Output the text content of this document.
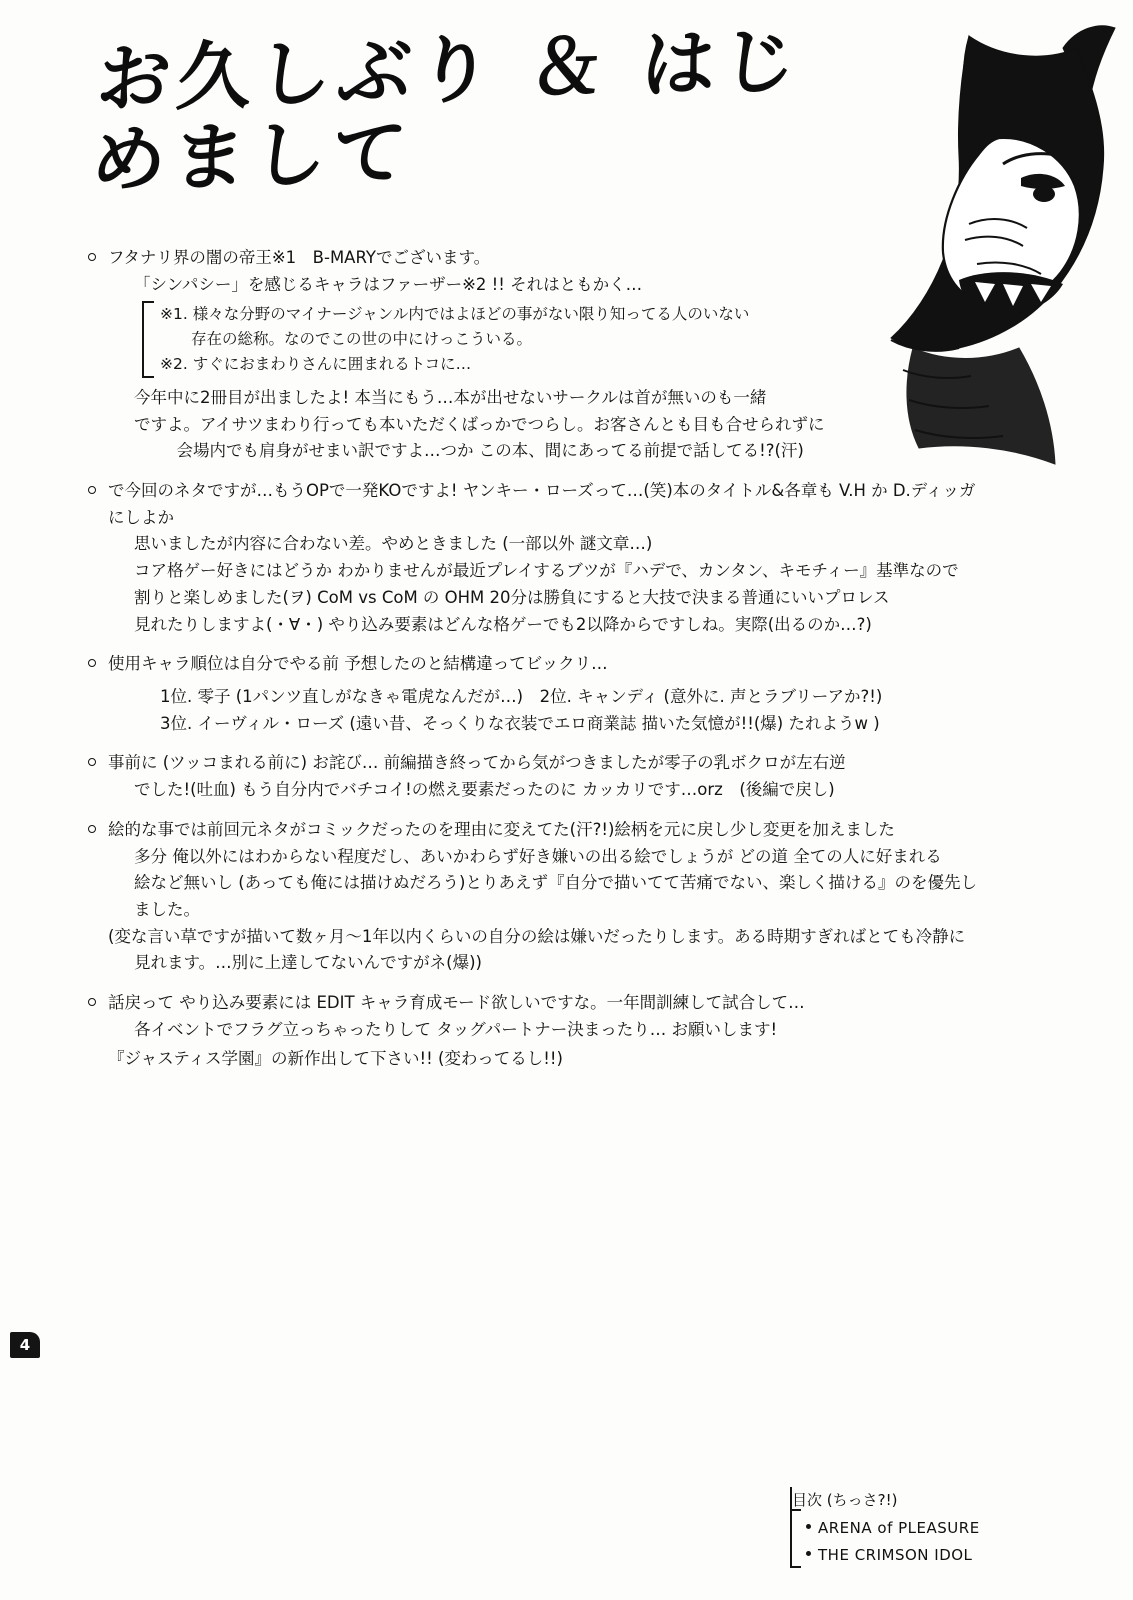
お久しぶり ＆ はじめまして
フタナリ界の闇の帝王※1　B-MARYでございます。
「シンパシー」を感じるキャラはファーザー※2 !! それはともかく…
※1. 様々な分野のマイナージャンル内ではよほどの事がない限り知ってる人のいない
　　存在の総称。なのでこの世の中にけっこういる。
※2. すぐにおまわりさんに囲まれるトコに…
今年中に2冊目が出ましたよ! 本当にもう…本が出せないサークルは首が無いのも一緒
ですよ。アイサツまわり行っても本いただくばっかでつらし。お客さんとも目も合せられずに
　会場内でも肩身がせまい訳ですよ…つか この本、間にあってる前提で話してる!?(汗)
で今回のネタですが…もうOPで一発KOですよ! ヤンキー・ローズって…(笑)本のタイトル&各章も V.H か D.ディッガにしよか
思いましたが内容に合わない差。やめときました (一部以外 謎文章…)
コア格ゲー好きにはどうか わかりませんが最近プレイするブツが『ハデで、カンタン、キモチィー』基準なので
割りと楽しめました(ヲ) CoM vs CoM の OHM 20分は勝負にすると大技で決まる普通にいいプロレス
見れたりしますよ(・∀・) やり込み要素はどんな格ゲーでも2以降からですしね。実際(出るのか…?)
使用キャラ順位は自分でやる前 予想したのと結構違ってビックリ…
1位. 零子 (1パンツ直しがなきゃ電虎なんだが…)　2位. キャンディ (意外に. 声とラブリーアか?!)
3位. イーヴィル・ローズ (遠い昔、そっくりな衣装でエロ商業誌 描いた気憶が!!(爆) たれようw )
事前に (ツッコまれる前に) お詫び… 前編描き終ってから気がつきましたが零子の乳ボクロが左右逆
でした!(吐血) もう自分内でバチコイ!の燃え要素だったのに カッカリです…orz　(後編で戻し)
絵的な事では前回元ネタがコミックだったのを理由に変えてた(汗?!)絵柄を元に戻し少し変更を加えました
多分 俺以外にはわからない程度だし、あいかわらず好き嫌いの出る絵でしょうが どの道 全ての人に好まれる
絵など無いし (あっても俺には描けぬだろう)とりあえず『自分で描いてて苦痛でない、楽しく描ける』のを優先しました。
(変な言い草ですが描いて数ヶ月～1年以内くらいの自分の絵は嫌いだったりします。ある時期すぎればとても冷静に
見れます。…別に上達してないんですがネ(爆))
話戻って やり込み要素には EDIT キャラ育成モード欲しいですな。一年間訓練して試合して…
各イベントでフラグ立っちゃったりして タッグパートナー決まったり… お願いします!
『ジャスティス学園』の新作出して下さい!! (変わってるし!!)
目次 (ちっさ?!)
ARENA of PLEASURE
THE CRIMSON IDOL
4
